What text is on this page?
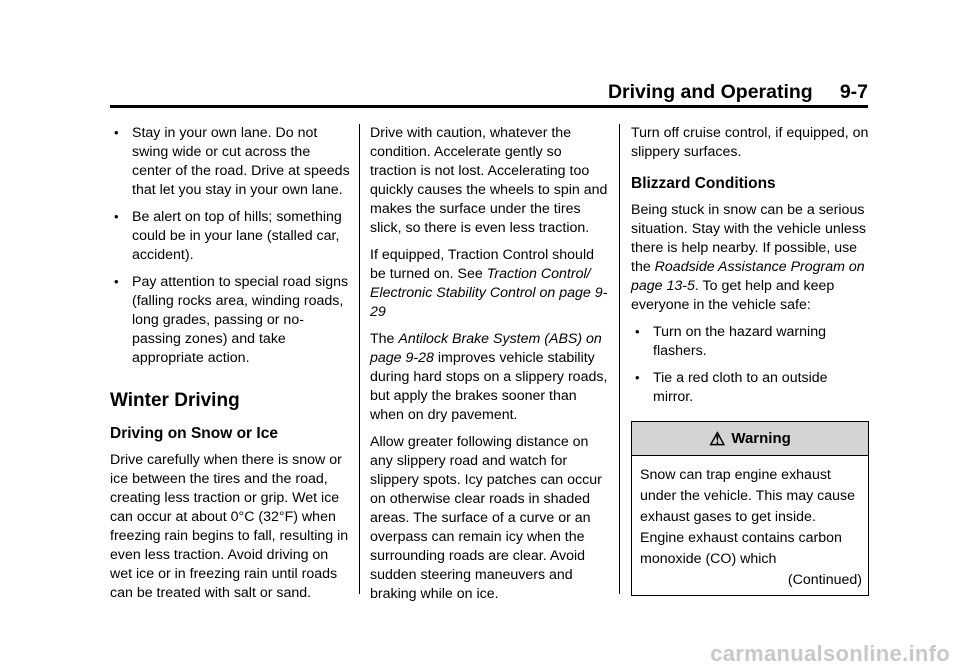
Driving and Operating 9-7
• Stay in your own lane. Do not swing wide or cut across the center of the road. Drive at speeds that let you stay in your own lane.
• Be alert on top of hills; something could be in your lane (stalled car, accident).
• Pay attention to special road signs (falling rocks area, winding roads, long grades, passing or no-passing zones) and take appropriate action.
Winter Driving
Driving on Snow or Ice

Drive carefully when there is snow or ice between the tires and the road, creating less traction or grip. Wet ice can occur at about 0°C (32°F) when freezing rain begins to fall, resulting in even less traction. Avoid driving on wet ice or in freezing rain until roads can be treated with salt or sand.

Drive with caution, whatever the condition. Accelerate gently so traction is not lost. Accelerating too quickly causes the wheels to spin and makes the surface under the tires slick, so there is even less traction.

If equipped, Traction Control should be turned on. See Traction Control/ Electronic Stability Control on page 9-29

The Antilock Brake System (ABS) on page 9-28 improves vehicle stability during hard stops on a slippery roads, but apply the brakes sooner than when on dry pavement.

Allow greater following distance on any slippery road and watch for slippery spots. Icy patches can occur on otherwise clear roads in shaded areas. The surface of a curve or an overpass can remain icy when the surrounding roads are clear. Avoid sudden steering maneuvers and braking while on ice.

Turn off cruise control, if equipped, on slippery surfaces.

Blizzard Conditions

Being stuck in snow can be a serious situation. Stay with the vehicle unless there is help nearby. If possible, use the Roadside Assistance Program on page 13-5. To get help and keep everyone in the vehicle safe:

• Turn on the hazard warning flashers.
• Tie a red cloth to an outside mirror.
⚠ Warning
Snow can trap engine exhaust under the vehicle. This may cause exhaust gases to get inside. Engine exhaust contains carbon monoxide (CO) which
(Continued)
carmanualsonline.info
